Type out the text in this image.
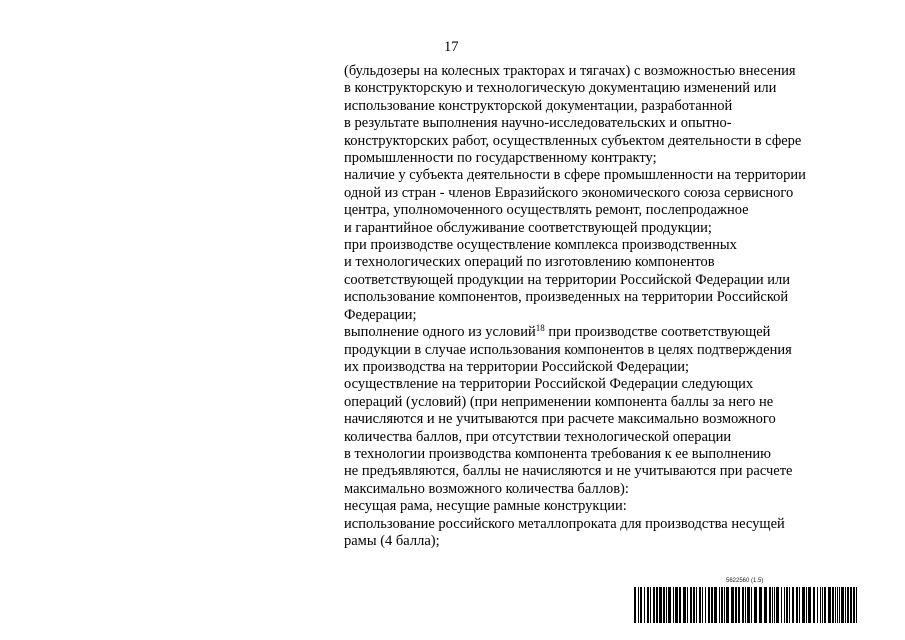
17
(бульдозеры на колесных тракторах и тягачах) с возможностью внесения
в конструкторскую и технологическую документацию изменений или
использование конструкторской документации, разработанной
в результате выполнения научно-исследовательских и опытно-
конструкторских работ, осуществленных субъектом деятельности в сфере
промышленности по государственному контракту;
наличие у субъекта деятельности в сфере промышленности на территории
одной из стран - членов Евразийского экономического союза сервисного
центра, уполномоченного осуществлять ремонт, послепродажное
и гарантийное обслуживание соответствующей продукции;
при производстве осуществление комплекса производственных
и технологических операций по изготовлению компонентов
соответствующей продукции на территории Российской Федерации или
использование компонентов, произведенных на территории Российской
Федерации;
выполнение одного из условий$^{18}$ при производстве соответствующей
продукции в случае использования компонентов в целях подтверждения
их производства на территории Российской Федерации;
осуществление на территории Российской Федерации следующих
операций (условий) (при неприменении компонента баллы за него не
начисляются и не учитываются при расчете максимально возможного
количества баллов, при отсутствии технологической операции
в технологии производства компонента требования к ее выполнению
не предъявляются, баллы не начисляются и не учитываются при расчете
максимально возможного количества баллов):
несущая рама, несущие рамные конструкции:
использование российского металлопроката для производства несущей
рамы (4 балла);
5622560 (1.5)
